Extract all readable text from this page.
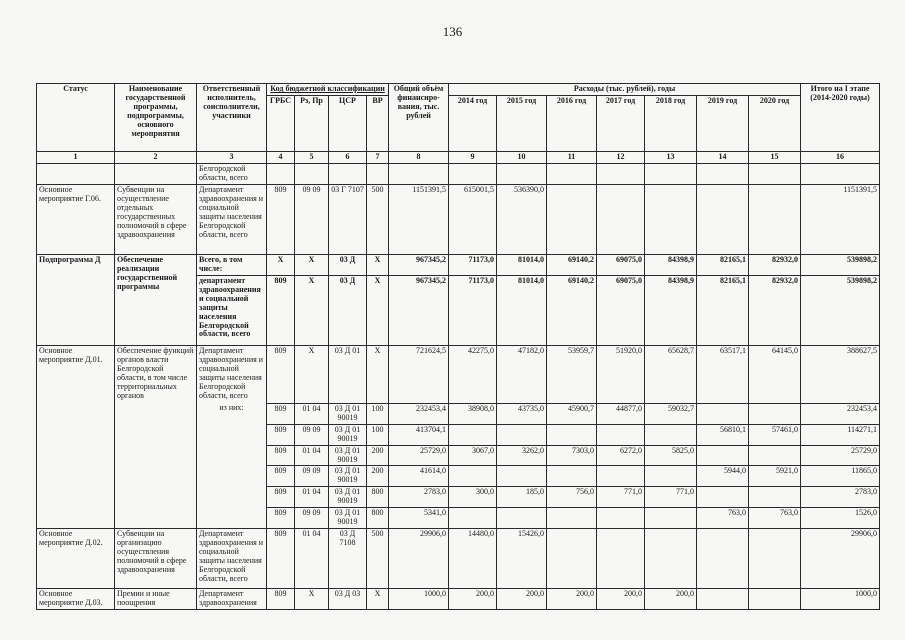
136
Статус	Наименование государственной программы, подпрограммы, основного мероприятия	Ответственный исполнитель, соисполнители, участники	Код бюджетной классификации				Общий объём финансиро-вания, тыс. рублей	Расходы (тыс. рублей), годы							Итого на I этапе (2014-2020 годы)
			ГРБС	Рз, Пр	ЦСР	ВР		2014 год	2015 год	2016 год	2017 год	2018 год	2019 год	2020 год	
1	2	3	4	5	6	7	8	9	10	11	12	13	14	15	16
		Белгородской области, всего													
Основное мероприятие Г.06.	Субвенции на осуществление отдельных государственных полномочий в сфере здравоохранения	Департамент здравоохранения и социальной защиты населения Белгородской области, всего	809	09 09	03 Г 7107	500	1151391,5	615001,5	536390,0						1151391,5
Подпрограмма Д	Обеспечение реализации государственной программы	Всего, в том числе:	Х	Х	03 Д	Х	967345,2	71173,0	81014,0	69140,2	69075,0	84398,9	82165,1	82932,0	539898,2
		департамент здравоохранения и социальной защиты населения Белгородской области, всего	809	Х	03 Д	Х	967345,2	71173,0	81014,0	69140,2	69075,0	84398,9	82165,1	82932,0	539898,2
Основное мероприятие Д.01.	Обеспечение функций органов власти Белгородской области, в том числе территориальных органов	Департамент здравоохранения и социальной защиты населения Белгородской области, всего	809	Х	03 Д 01	Х	721624,5	42275,0	47182,0	53959,7	51920,0	65628,7	63517,1	64145,0	388627,5
		из них:	809	01 04	03 Д 01 90019	100	232453,4	38908,0	43735,0	45900,7	44877,0	59032,7			232453,4
			809	09 09	03 Д 01 90019	100	413704,1						56810,1	57461,0	114271,1
			809	01 04	03 Д 01 90019	200	25729,0	3067,0	3262,0	7303,0	6272,0	5825,0			25729,0
			809	09 09	03 Д 01 90019	200	41614,0						5944,0	5921,0	11865,0
			809	01 04	03 Д 01 90019	800	2783,0	300,0	185,0	756,0	771,0	771,0			2783,0
			809	09 09	03 Д 01 90019	800	5341,0						763,0	763,0	1526,0
Основное мероприятие Д.02.	Субвенции на организацию осуществления полномочий в сфере здравоохранения	Департамент здравоохранения и социальной защиты населения Белгородской области, всего	809	01 04	03 Д 7108	500	29906,0	14480,0	15426,0						29906,0
Основное мероприятие Д.03.	Премии и иные поощрения	Департамент здравоохранения	809	Х	03 Д 03	Х	1000,0	200,0	200,0	200,0	200,0	200,0			1000,0
